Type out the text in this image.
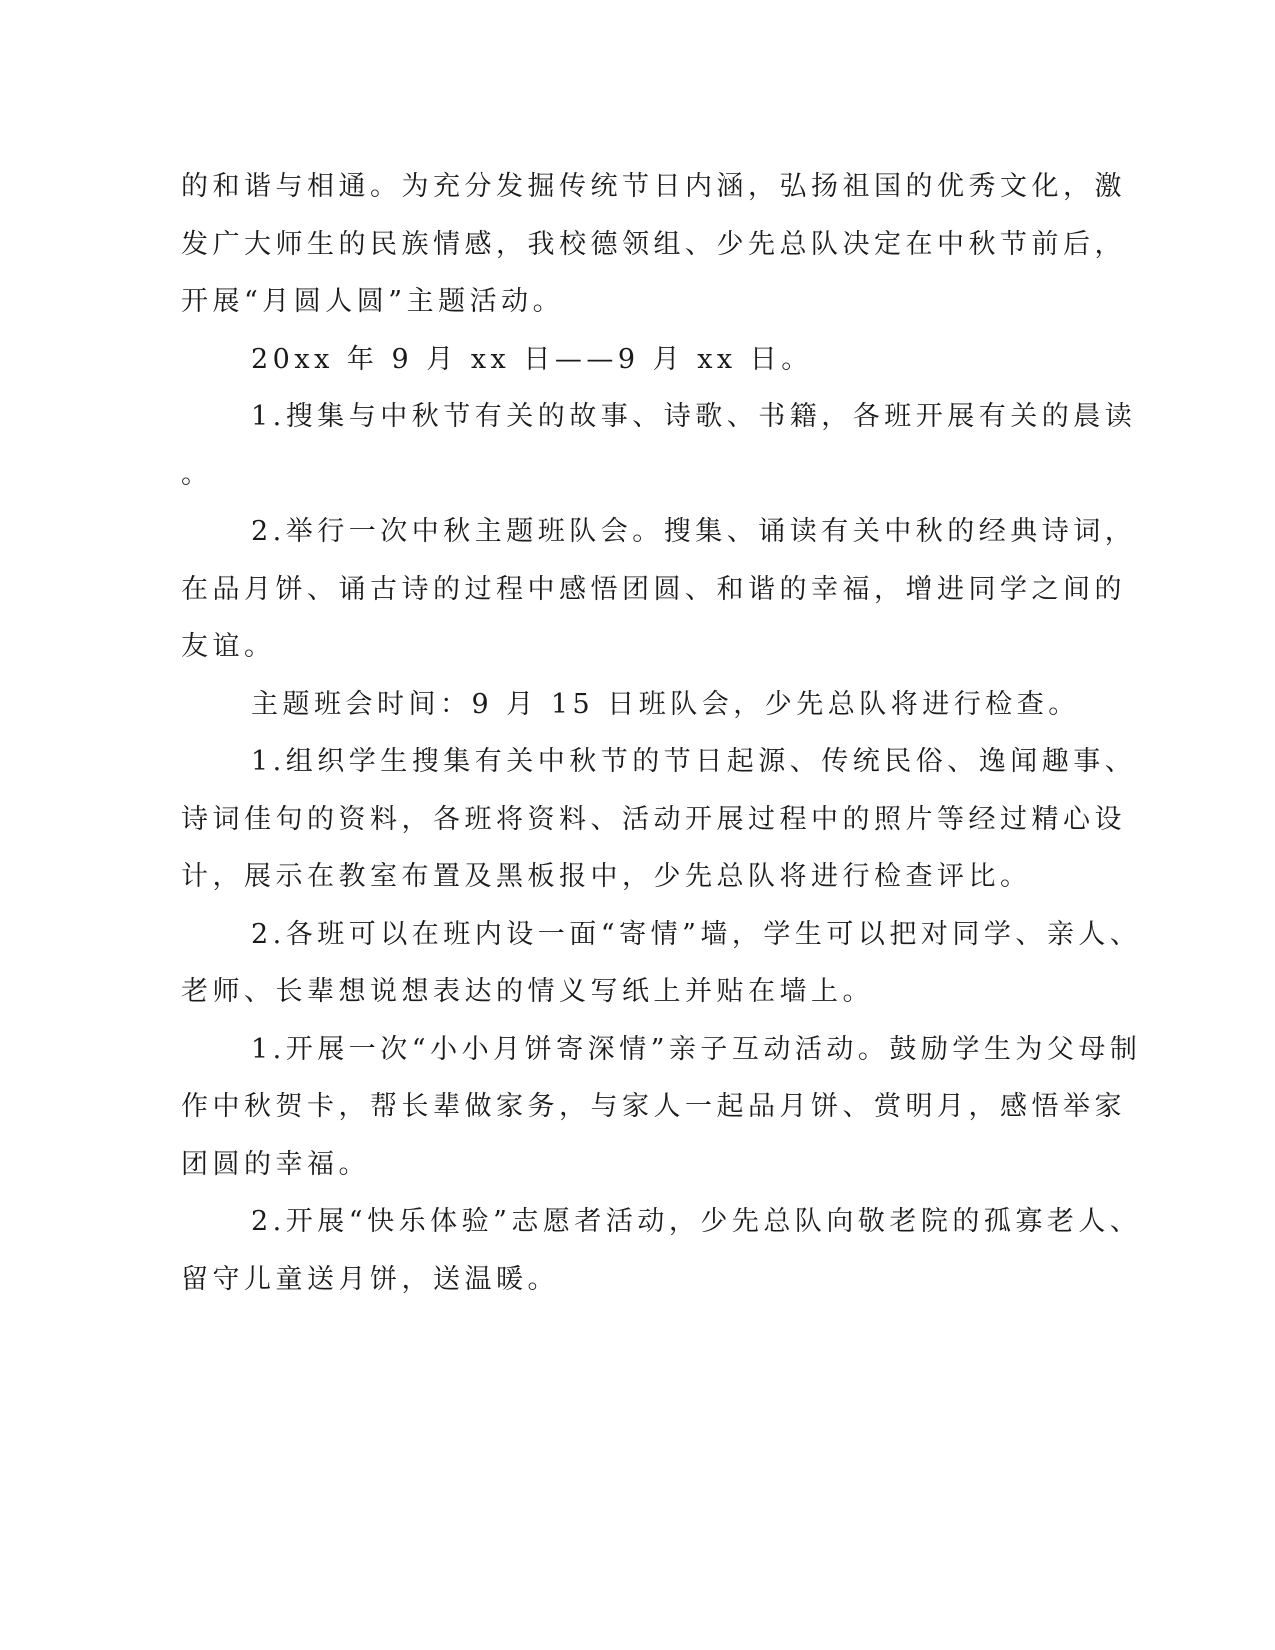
的和谐与相通。为充分发掘传统节日内涵，弘扬祖国的优秀文化，激
发广大师生的民族情感，我校德领组、少先总队决定在中秋节前后，
开展“月圆人圆”主题活动。
20xx 年 9 月 xx 日——9 月 xx 日。
1.搜集与中秋节有关的故事、诗歌、书籍，各班开展有关的晨读
。
2.举行一次中秋主题班队会。搜集、诵读有关中秋的经典诗词，
在品月饼、诵古诗的过程中感悟团圆、和谐的幸福，增进同学之间的
友谊。
主题班会时间：9 月 15 日班队会，少先总队将进行检查。
1.组织学生搜集有关中秋节的节日起源、传统民俗、逸闻趣事、
诗词佳句的资料，各班将资料、活动开展过程中的照片等经过精心设
计，展示在教室布置及黑板报中，少先总队将进行检查评比。
2.各班可以在班内设一面“寄情”墙，学生可以把对同学、亲人、
老师、长辈想说想表达的情义写纸上并贴在墙上。
1.开展一次“小小月饼寄深情”亲子互动活动。鼓励学生为父母制
作中秋贺卡，帮长辈做家务，与家人一起品月饼、赏明月，感悟举家
团圆的幸福。
2.开展“快乐体验”志愿者活动，少先总队向敬老院的孤寡老人、
留守儿童送月饼，送温暖。
